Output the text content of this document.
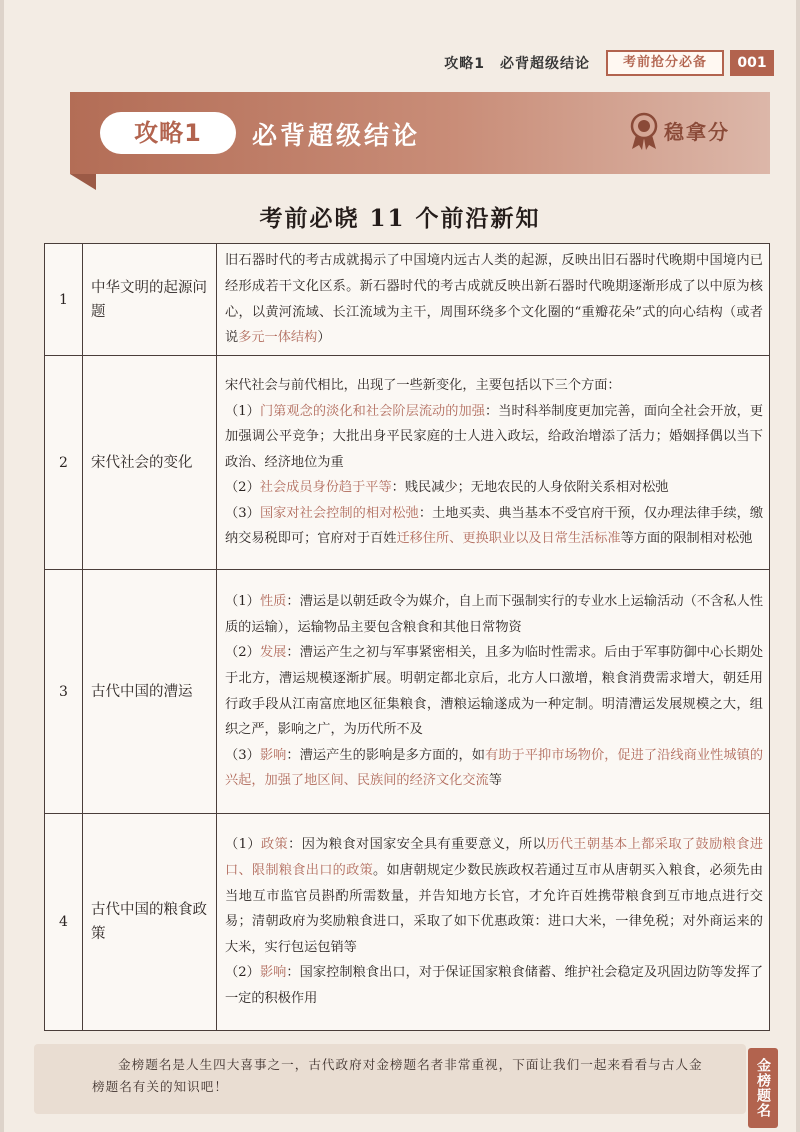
攻略1　必背超级结论	考前抢分必备	001
攻略1	必背超级结论	稳拿分
考前必晓 11 个前沿新知
1	中华文明的起源问题	旧石器时代的考古成就揭示了中国境内远古人类的起源，反映出旧石器时代晚期中国境内已经形成若干文化区系。新石器时代的考古成就反映出新石器时代晚期逐渐形成了以中原为核心，以黄河流域、长江流域为主干，周围环绕多个文化圈的“重瓣花朵”式的向心结构（或者说多元一体结构）
2	宋代社会的变化	宋代社会与前代相比，出现了一些新变化，主要包括以下三个方面：
（1）门第观念的淡化和社会阶层流动的加强：当时科举制度更加完善，面向全社会开放，更加强调公平竞争；大批出身平民家庭的士人进入政坛，给政治增添了活力；婚姻择偶以当下政治、经济地位为重
（2）社会成员身份趋于平等：贱民减少；无地农民的人身依附关系相对松弛
（3）国家对社会控制的相对松弛：土地买卖、典当基本不受官府干预，仅办理法律手续，缴纳交易税即可；官府对于百姓迁移住所、更换职业以及日常生活标准等方面的限制相对松弛
3	古代中国的漕运	（1）性质：漕运是以朝廷政令为媒介，自上而下强制实行的专业水上运输活动（不含私人性质的运输），运输物品主要包含粮食和其他日常物资
（2）发展：漕运产生之初与军事紧密相关，且多为临时性需求。后由于军事防御中心长期处于北方，漕运规模逐渐扩展。明朝定都北京后，北方人口激增，粮食消费需求增大，朝廷用行政手段从江南富庶地区征集粮食，漕粮运输遂成为一种定制。明清漕运发展规模之大，组织之严，影响之广，为历代所不及
（3）影响：漕运产生的影响是多方面的，如有助于平抑市场物价，促进了沿线商业性城镇的兴起，加强了地区间、民族间的经济文化交流等
4	古代中国的粮食政策	（1）政策：因为粮食对国家安全具有重要意义，所以历代王朝基本上都采取了鼓励粮食进口、限制粮食出口的政策。如唐朝规定少数民族政权若通过互市从唐朝买入粮食，必须先由当地互市监官员斟酌所需数量，并告知地方长官，才允许百姓携带粮食到互市地点进行交易；清朝政府为奖励粮食进口，采取了如下优惠政策：进口大米，一律免税；对外商运来的大米，实行包运包销等
（2）影响：国家控制粮食出口，对于保证国家粮食储蓄、维护社会稳定及巩固边防等发挥了一定的积极作用
金榜题名是人生四大喜事之一，古代政府对金榜题名者非常重视，下面让我们一起来看看与古人金榜题名有关的知识吧！	金榜题名
